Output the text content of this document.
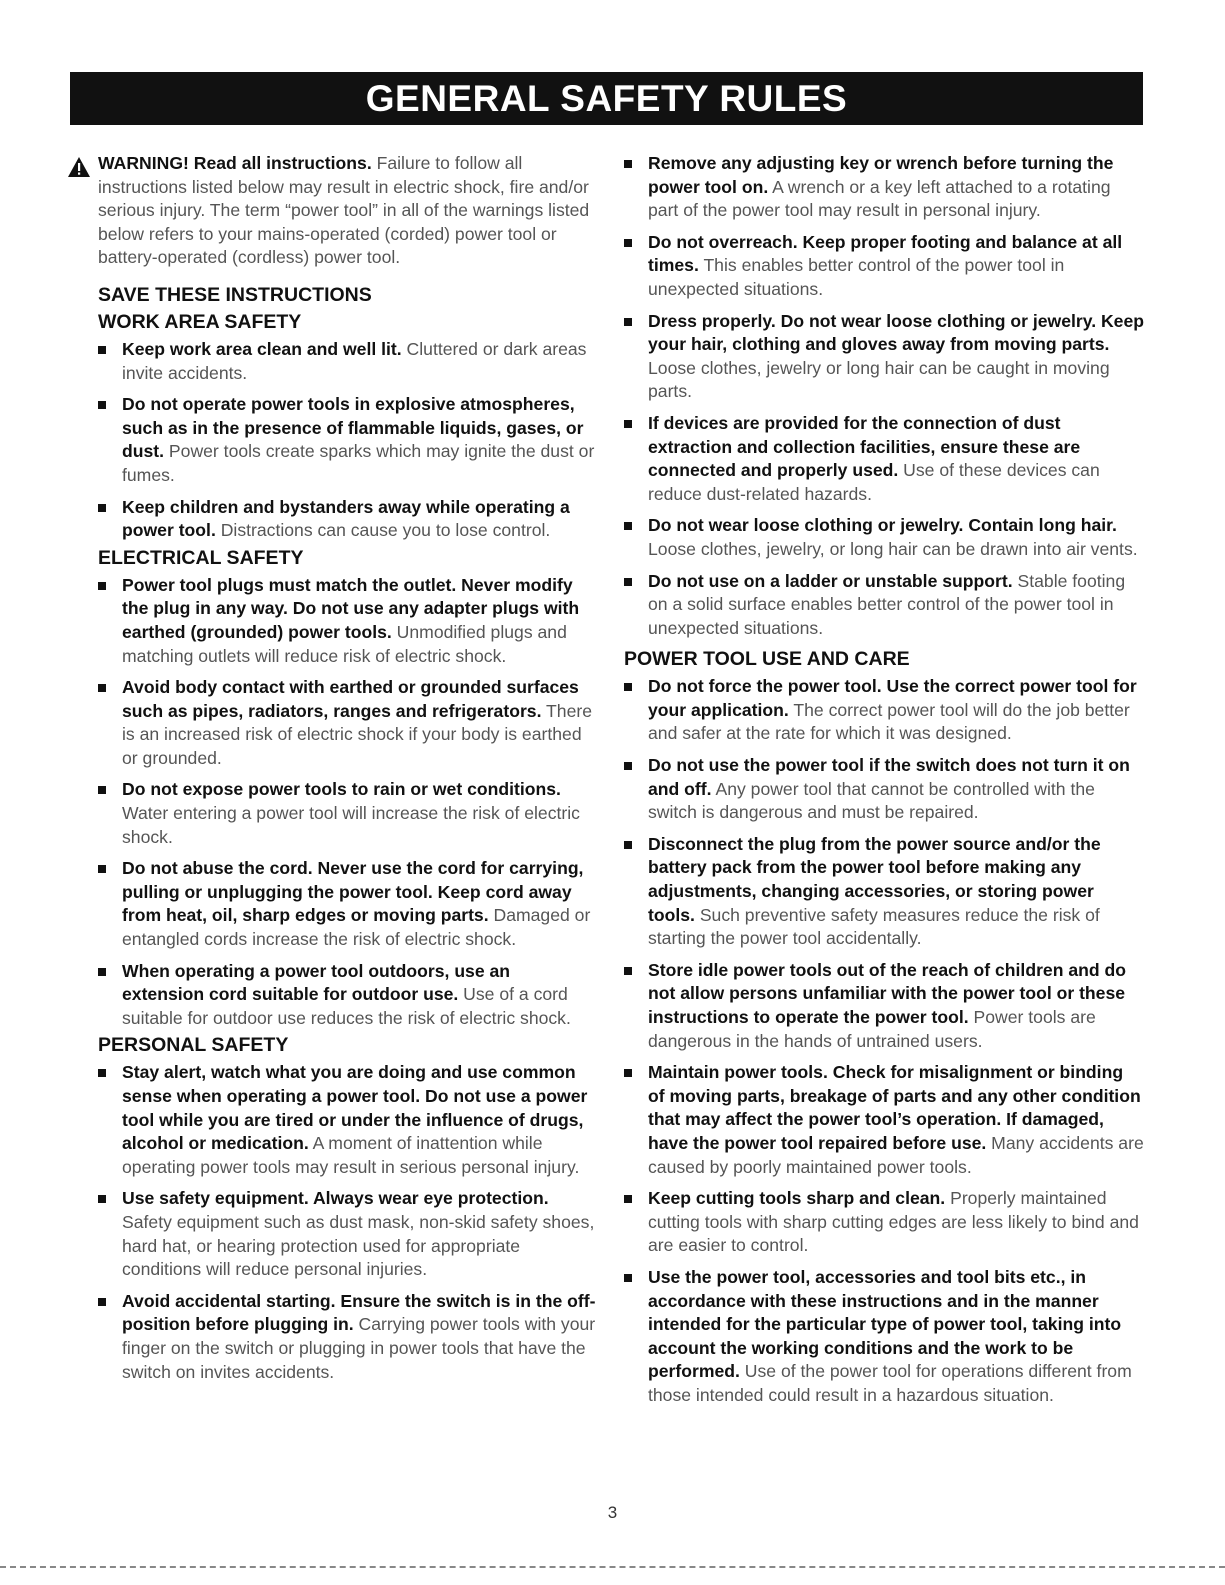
GENERAL SAFETY RULES
WARNING! Read all instructions. Failure to follow all instructions listed below may result in electric shock, fire and/or serious injury. The term “power tool” in all of the warnings listed below refers to your mains-operated (corded) power tool or battery-operated (cordless) power tool.
SAVE THESE INSTRUCTIONS
WORK AREA SAFETY
Keep work area clean and well lit. Cluttered or dark areas invite accidents.
Do not operate power tools in explosive atmospheres, such as in the presence of flammable liquids, gases, or dust. Power tools create sparks which may ignite the dust or fumes.
Keep children and bystanders away while operating a power tool. Distractions can cause you to lose control.
ELECTRICAL SAFETY
Power tool plugs must match the outlet. Never modify the plug in any way. Do not use any adapter plugs with earthed (grounded) power tools. Unmodified plugs and matching outlets will reduce risk of electric shock.
Avoid body contact with earthed or grounded surfaces such as pipes, radiators, ranges and refrigerators. There is an increased risk of electric shock if your body is earthed or grounded.
Do not expose power tools to rain or wet conditions. Water entering a power tool will increase the risk of electric shock.
Do not abuse the cord. Never use the cord for carrying, pulling or unplugging the power tool. Keep cord away from heat, oil, sharp edges or moving parts. Damaged or entangled cords increase the risk of electric shock.
When operating a power tool outdoors, use an extension cord suitable for outdoor use. Use of a cord suitable for outdoor use reduces the risk of electric shock.
PERSONAL SAFETY
Stay alert, watch what you are doing and use common sense when operating a power tool. Do not use a power tool while you are tired or under the influence of drugs, alcohol or medication. A moment of inattention while operating power tools may result in serious personal injury.
Use safety equipment. Always wear eye protection. Safety equipment such as dust mask, non-skid safety shoes, hard hat, or hearing protection used for appropriate conditions will reduce personal injuries.
Avoid accidental starting. Ensure the switch is in the off-position before plugging in. Carrying power tools with your finger on the switch or plugging in power tools that have the switch on invites accidents.
Remove any adjusting key or wrench before turning the power tool on. A wrench or a key left attached to a rotating part of the power tool may result in personal injury.
Do not overreach. Keep proper footing and balance at all times. This enables better control of the power tool in unexpected situations.
Dress properly. Do not wear loose clothing or jewelry. Keep your hair, clothing and gloves away from moving parts. Loose clothes, jewelry or long hair can be caught in moving parts.
If devices are provided for the connection of dust extraction and collection facilities, ensure these are connected and properly used. Use of these devices can reduce dust-related hazards.
Do not wear loose clothing or jewelry. Contain long hair. Loose clothes, jewelry, or long hair can be drawn into air vents.
Do not use on a ladder or unstable support. Stable footing on a solid surface enables better control of the power tool in unexpected situations.
POWER TOOL USE AND CARE
Do not force the power tool. Use the correct power tool for your application. The correct power tool will do the job better and safer at the rate for which it was designed.
Do not use the power tool if the switch does not turn it on and off. Any power tool that cannot be controlled with the switch is dangerous and must be repaired.
Disconnect the plug from the power source and/or the battery pack from the power tool before making any adjustments, changing accessories, or storing power tools. Such preventive safety measures reduce the risk of starting the power tool accidentally.
Store idle power tools out of the reach of children and do not allow persons unfamiliar with the power tool or these instructions to operate the power tool. Power tools are dangerous in the hands of untrained users.
Maintain power tools. Check for misalignment or binding of moving parts, breakage of parts and any other condition that may affect the power tool’s operation. If damaged, have the power tool repaired before use. Many accidents are caused by poorly maintained power tools.
Keep cutting tools sharp and clean. Properly maintained cutting tools with sharp cutting edges are less likely to bind and are easier to control.
Use the power tool, accessories and tool bits etc., in accordance with these instructions and in the manner intended for the particular type of power tool, taking into account the working conditions and the work to be performed. Use of the power tool for operations different from those intended could result in a hazardous situation.
3
